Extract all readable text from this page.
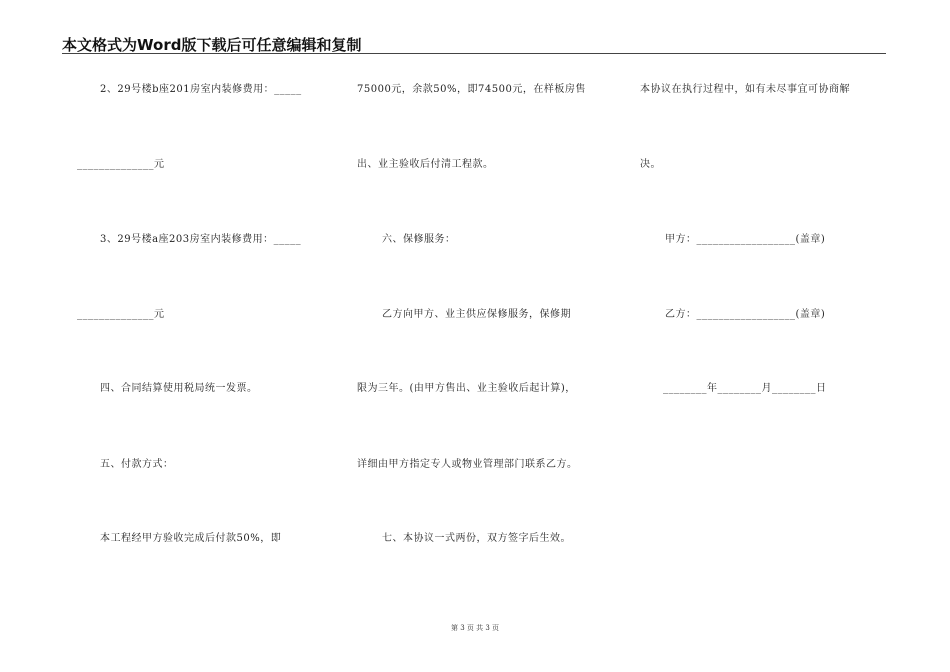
本文格式为Word版下载后可任意编辑和复制
2、29号楼b座201房室内装修费用：_____
______________元
3、29号楼a座203房室内装修费用：_____
______________元
四、合同结算使用税局统一发票。
五、付款方式：
本工程经甲方验收完成后付款50%，即
75000元，余款50%，即74500元，在样板房售
出、业主验收后付清工程款。
六、保修服务：
乙方向甲方、业主供应保修服务，保修期
限为三年。(由甲方售出、业主验收后起计算)，
详细由甲方指定专人或物业管理部门联系乙方。
七、本协议一式两份，双方签字后生效。
本协议在执行过程中，如有未尽事宜可协商解
决。
甲方：__________________(盖章)
乙方：__________________(盖章)
________年________月________日
第 3 页 共 3 页
